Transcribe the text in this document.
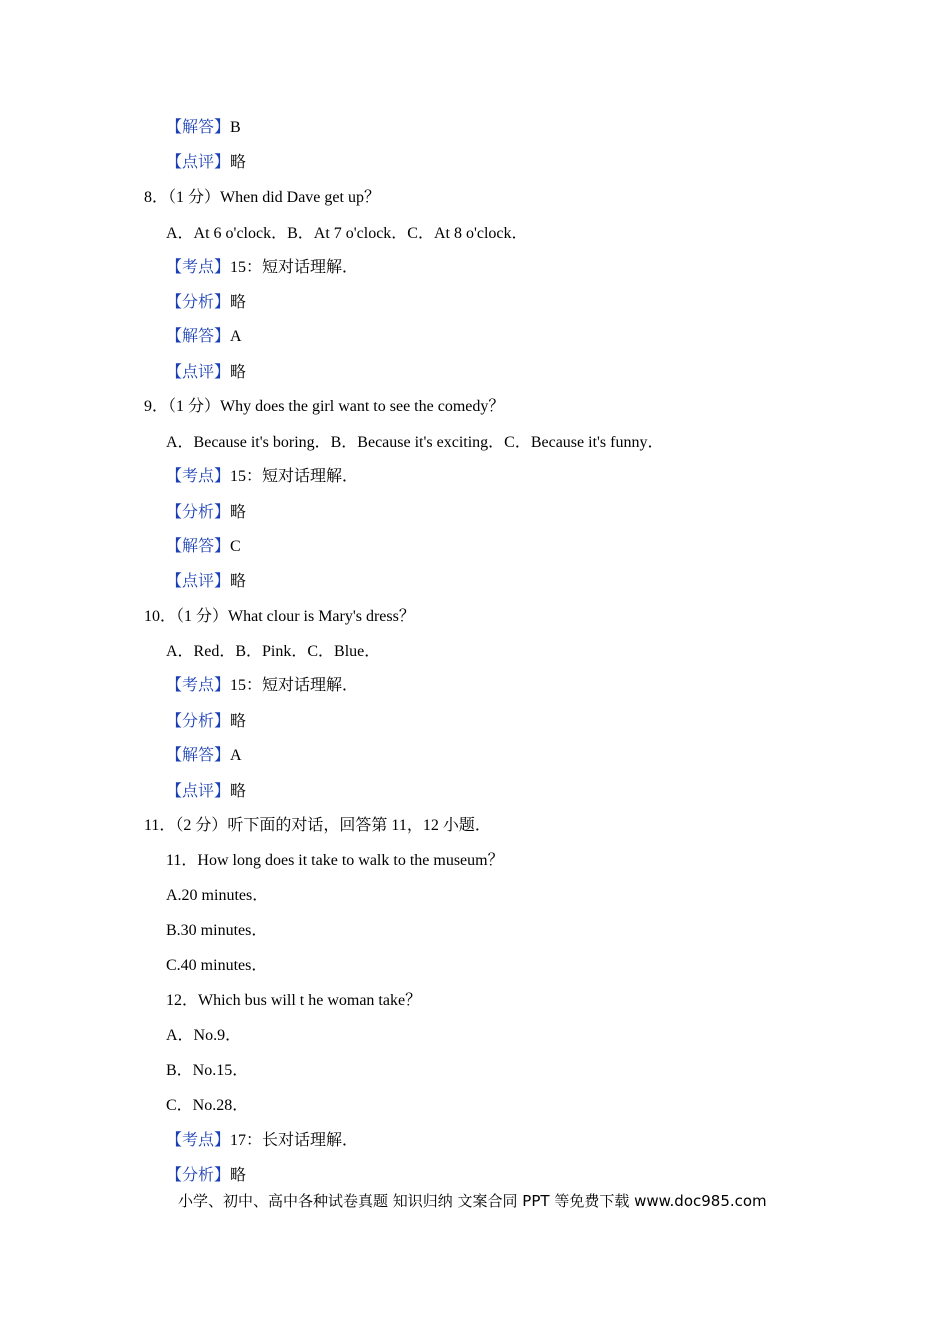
【解答】B
【点评】略
8．（1 分）When did Dave get up？
A．At 6 o'clock．B．At 7 o'clock．C．At 8 o'clock．
【考点】15：短对话理解．
【分析】略
【解答】A
【点评】略
9．（1 分）Why does the girl want to see the comedy？
A．Because it's boring．B．Because it's exciting．C．Because it's funny．
【考点】15：短对话理解．
【分析】略
【解答】C
【点评】略
10．（1 分）What clour is Mary's dress？
A．Red．B．Pink．C．Blue．
【考点】15：短对话理解．
【分析】略
【解答】A
【点评】略
11．（2 分）听下面的对话，回答第 11，12 小题．
11．How long does it take to walk to the museum？
A.20 minutes．
B.30 minutes．
C.40 minutes．
12．Which bus will t he woman take？
A．No.9．
B．No.15．
C．No.28．
【考点】17：长对话理解．
【分析】略
小学、初中、高中各种试卷真题 知识归纳 文案合同 PPT 等免费下载 www.doc985.com
